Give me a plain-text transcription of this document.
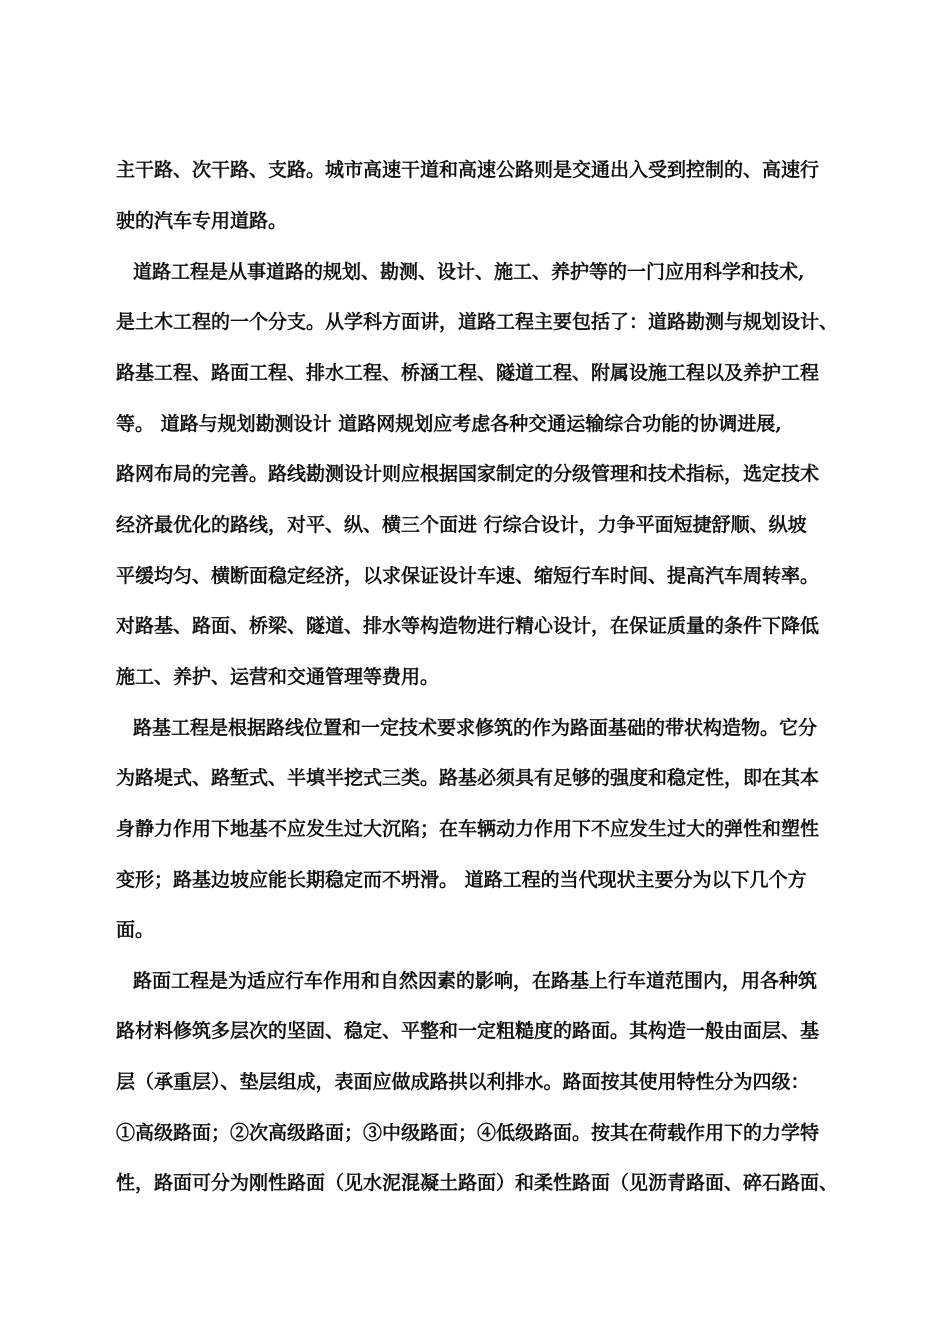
主干路、次干路、支路。城市高速干道和高速公路则是交通出入受到控制的、高速行
驶的汽车专用道路。
道路工程是从事道路的规划、勘测、设计、施工、养护等的一门应用科学和技术,
是土木工程的一个分支。从学科方面讲，道路工程主要包括了：道路勘测与规划设计、
路基工程、路面工程、排水工程、桥涵工程、隧道工程、附属设施工程以及养护工程
等。 道路与规划勘测设计 道路网规划应考虑各种交通运输综合功能的协调进展,
路网布局的完善。路线勘测设计则应根据国家制定的分级管理和技术指标，选定技术
经济最优化的路线，对平、纵、横三个面进 行综合设计，力争平面短捷舒顺、纵坡
平缓均匀、横断面稳定经济，以求保证设计车速、缩短行车时间、提高汽车周转率。
对路基、路面、桥梁、隧道、排水等构造物进行精心设计，在保证质量的条件下降低
施工、养护、运营和交通管理等费用。
路基工程是根据路线位置和一定技术要求修筑的作为路面基础的带状构造物。它分
为路堤式、路堑式、半填半挖式三类。路基必须具有足够的强度和稳定性，即在其本
身静力作用下地基不应发生过大沉陷；在车辆动力作用下不应发生过大的弹性和塑性
变形；路基边坡应能长期稳定而不坍滑。 道路工程的当代现状主要分为以下几个方
面。
路面工程是为适应行车作用和自然因素的影响，在路基上行车道范围内，用各种筑
路材料修筑多层次的坚固、稳定、平整和一定粗糙度的路面。其构造一般由面层、基
层（承重层）、垫层组成，表面应做成路拱以利排水。路面按其使用特性分为四级：
①高级路面；②次高级路面；③中级路面；④低级路面。按其在荷载作用下的力学特
性，路面可分为刚性路面（见水泥混凝土路面）和柔性路面（见沥青路面、碎石路面、
